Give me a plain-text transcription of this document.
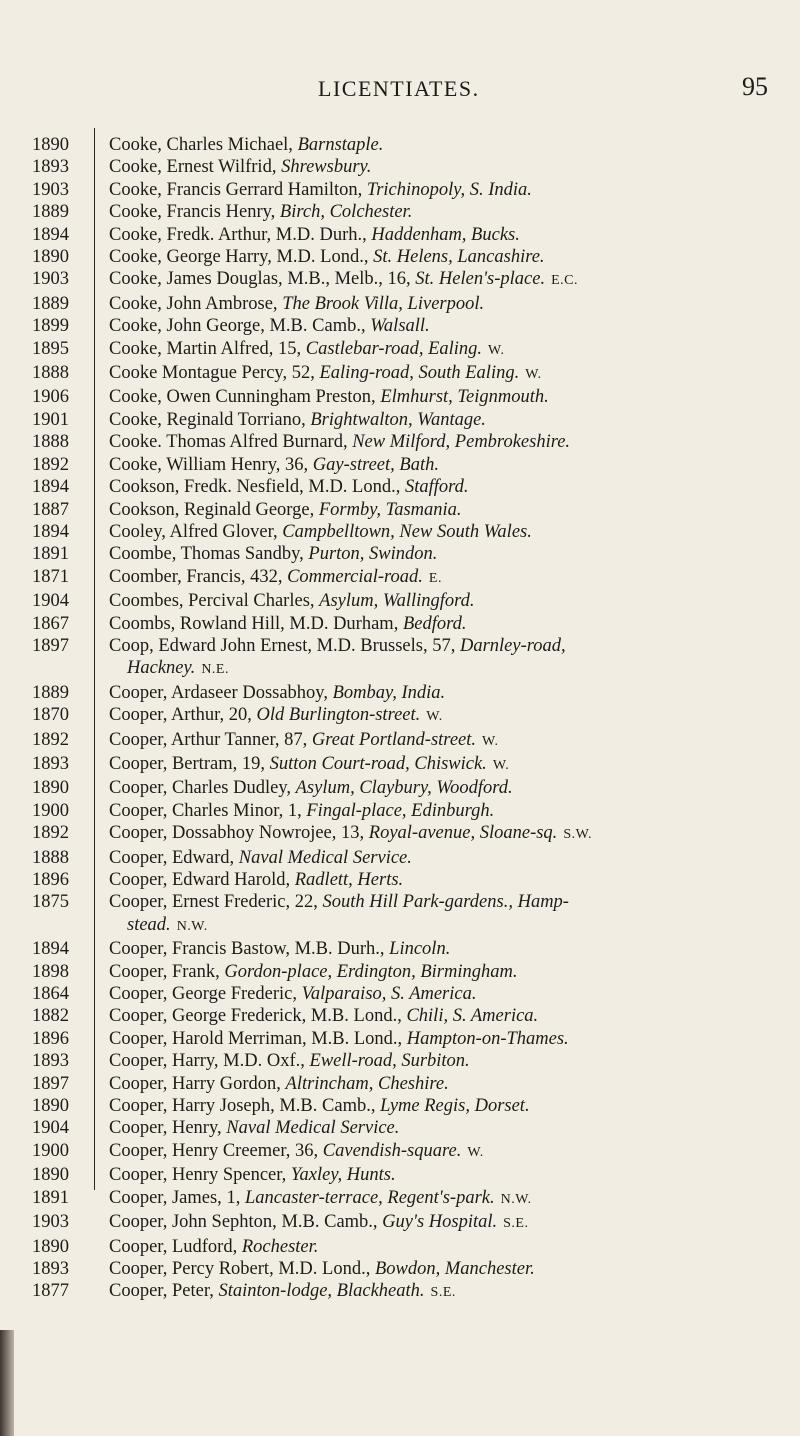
LICENTIATES.	95
1890	Cooke, Charles Michael, Barnstaple.
1893	Cooke, Ernest Wilfrid, Shrewsbury.
1903	Cooke, Francis Gerrard Hamilton, Trichinopoly, S. India.
1889	Cooke, Francis Henry, Birch, Colchester.
1894	Cooke, Fredk. Arthur, M.D. Durh., Haddenham, Bucks.
1890	Cooke, George Harry, M.D. Lond., St. Helens, Lancashire.
1903	Cooke, James Douglas, M.B., Melb., 16, St. Helen's-place. E.C.
1889	Cooke, John Ambrose, The Brook Villa, Liverpool.
1899	Cooke, John George, M.B. Camb., Walsall.
1895	Cooke, Martin Alfred, 15, Castlebar-road, Ealing. W.
1888	Cooke Montague Percy, 52, Ealing-road, South Ealing. W.
1906	Cooke, Owen Cunningham Preston, Elmhurst, Teignmouth.
1901	Cooke, Reginald Torriano, Brightwalton, Wantage.
1888	Cooke. Thomas Alfred Burnard, New Milford, Pembrokeshire.
1892	Cooke, William Henry, 36, Gay-street, Bath.
1894	Cookson, Fredk. Nesfield, M.D. Lond., Stafford.
1887	Cookson, Reginald George, Formby, Tasmania.
1894	Cooley, Alfred Glover, Campbelltown, New South Wales.
1891	Coombe, Thomas Sandby, Purton, Swindon.
1871	Coomber, Francis, 432, Commercial-road. E.
1904	Coombes, Percival Charles, Asylum, Wallingford.
1867	Coombs, Rowland Hill, M.D. Durham, Bedford.
1897	Coop, Edward John Ernest, M.D. Brussels, 57, Darnley-road,
Hackney. N.E.
1889	Cooper, Ardaseer Dossabhoy, Bombay, India.
1870	Cooper, Arthur, 20, Old Burlington-street. W.
1892	Cooper, Arthur Tanner, 87, Great Portland-street. W.
1893	Cooper, Bertram, 19, Sutton Court-road, Chiswick. W.
1890	Cooper, Charles Dudley, Asylum, Claybury, Woodford.
1900	Cooper, Charles Minor, 1, Fingal-place, Edinburgh.
1892	Cooper, Dossabhoy Nowrojee, 13, Royal-avenue, Sloane-sq. S.W.
1888	Cooper, Edward, Naval Medical Service.
1896	Cooper, Edward Harold, Radlett, Herts.
1875	Cooper, Ernest Frederic, 22, South Hill Park-gardens., Hamp-
stead. N.W.
1894	Cooper, Francis Bastow, M.B. Durh., Lincoln.
1898	Cooper, Frank, Gordon-place, Erdington, Birmingham.
1864	Cooper, George Frederic, Valparaiso, S. America.
1882	Cooper, George Frederick, M.B. Lond., Chili, S. America.
1896	Cooper, Harold Merriman, M.B. Lond., Hampton-on-Thames.
1893	Cooper, Harry, M.D. Oxf., Ewell-road, Surbiton.
1897	Cooper, Harry Gordon, Altrincham, Cheshire.
1890	Cooper, Harry Joseph, M.B. Camb., Lyme Regis, Dorset.
1904	Cooper, Henry, Naval Medical Service.
1900	Cooper, Henry Creemer, 36, Cavendish-square. W.
1890	Cooper, Henry Spencer, Yaxley, Hunts.
1891	Cooper, James, 1, Lancaster-terrace, Regent's-park. N.W.
1903	Cooper, John Sephton, M.B. Camb., Guy's Hospital. S.E.
1890	Cooper, Ludford, Rochester.
1893	Cooper, Percy Robert, M.D. Lond., Bowdon, Manchester.
1877	Cooper, Peter, Stainton-lodge, Blackheath. S.E.
